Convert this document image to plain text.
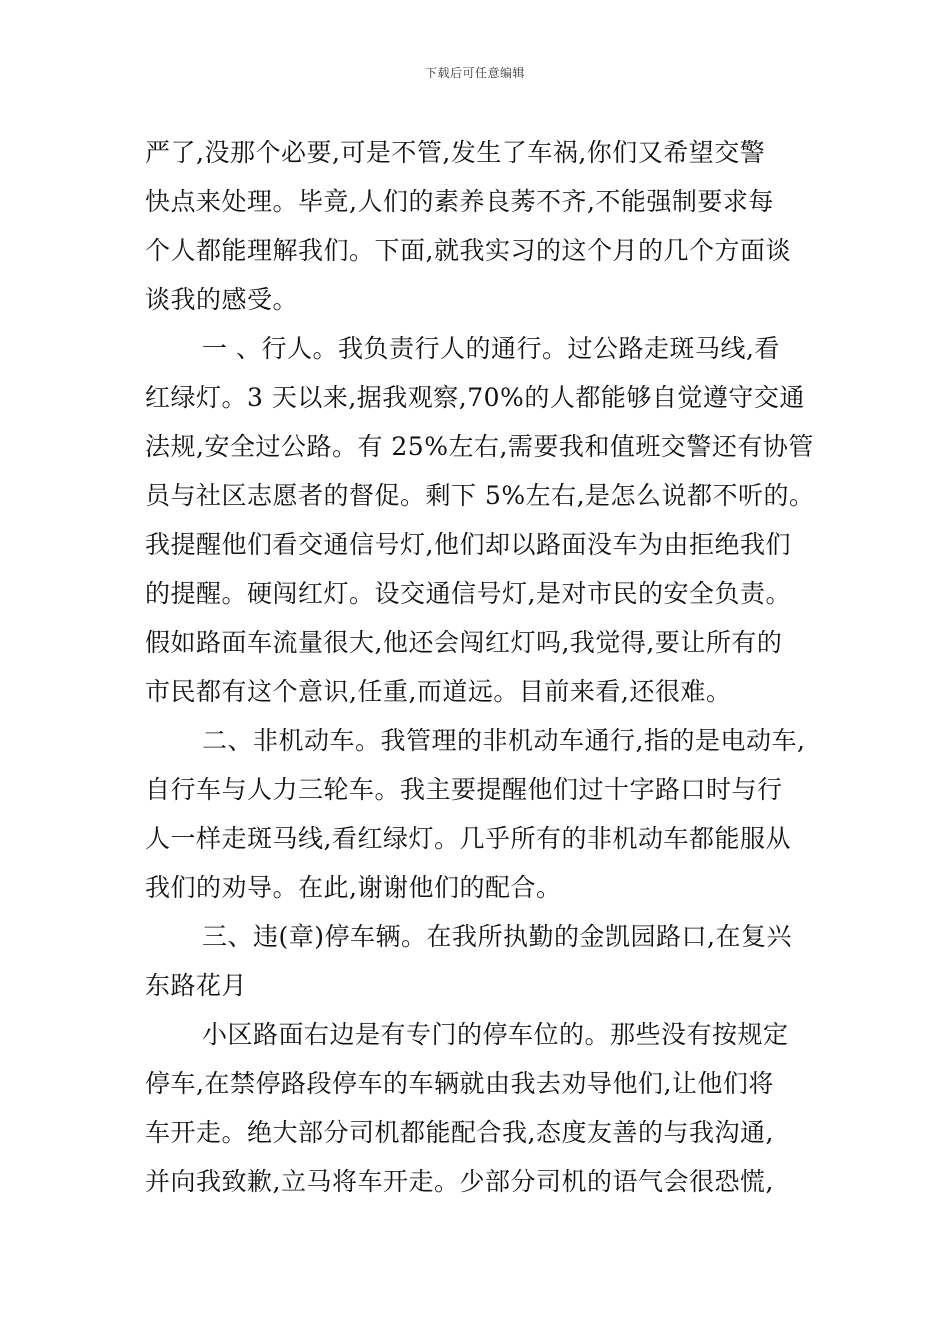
下载后可任意编辑
严了,没那个必要,可是不管,发生了车祸,你们又希望交警
快点来处理。毕竟,人们的素养良莠不齐,不能强制要求每
个人都能理解我们。下面,就我实习的这个月的几个方面谈
谈我的感受。
一 、行人。我负责行人的通行。过公路走斑马线,看
红绿灯。3 天以来,据我观察,70%的人都能够自觉遵守交通
法规,安全过公路。有 25%左右,需要我和值班交警还有协管
员与社区志愿者的督促。剩下 5%左右,是怎么说都不听的。
我提醒他们看交通信号灯,他们却以路面没车为由拒绝我们
的提醒。硬闯红灯。设交通信号灯,是对市民的安全负责。
假如路面车流量很大,他还会闯红灯吗,我觉得,要让所有的
市民都有这个意识,任重,而道远。目前来看,还很难。
二、非机动车。我管理的非机动车通行,指的是电动车,
自行车与人力三轮车。我主要提醒他们过十字路口时与行
人一样走斑马线,看红绿灯。几乎所有的非机动车都能服从
我们的劝导。在此,谢谢他们的配合。
三、违(章)停车辆。在我所执勤的金凯园路口,在复兴
东路花月
小区路面右边是有专门的停车位的。那些没有按规定
停车,在禁停路段停车的车辆就由我去劝导他们,让他们将
车开走。绝大部分司机都能配合我,态度友善的与我沟通,
并向我致歉,立马将车开走。少部分司机的语气会很恐慌,
